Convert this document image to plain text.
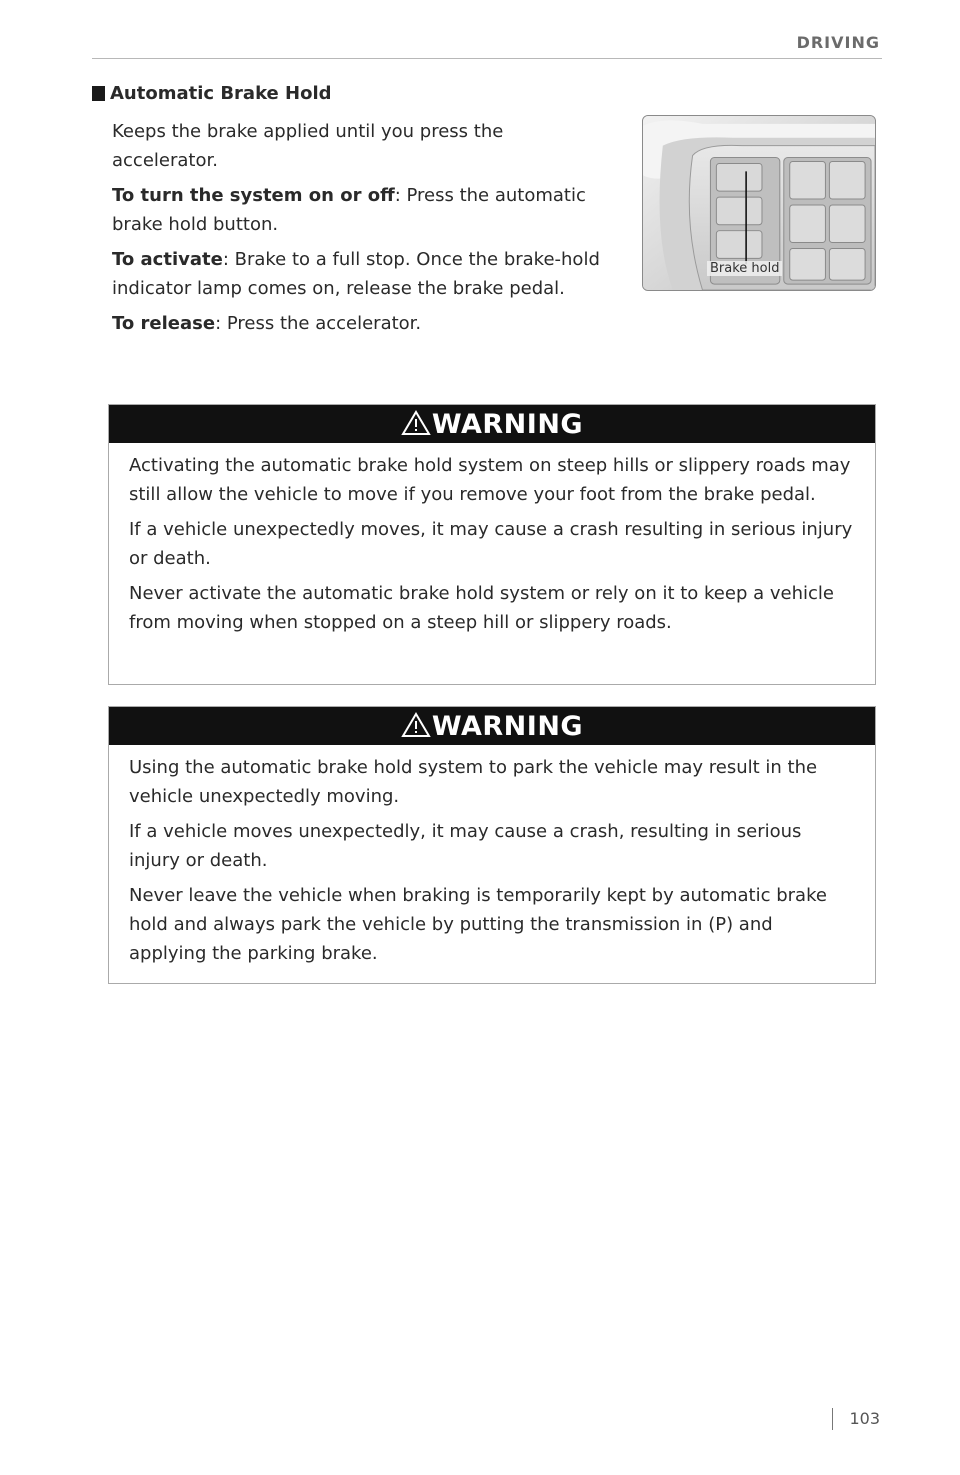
DRIVING
Automatic Brake Hold

Keeps the brake applied until you press the accelerator.

To turn the system on or off: Press the automatic brake hold button.

To activate: Brake to a full stop. Once the brake-hold indicator lamp comes on, release the brake pedal.

To release: Press the accelerator.

Brake hold
WARNING

Activating the automatic brake hold system on steep hills or slippery roads may still allow the vehicle to move if you remove your foot from the brake pedal.

If a vehicle unexpectedly moves, it may cause a crash resulting in serious injury or death.

Never activate the automatic brake hold system or rely on it to keep a vehicle from moving when stopped on a steep hill or slippery roads.

WARNING

Using the automatic brake hold system to park the vehicle may result in the vehicle unexpectedly moving.

If a vehicle moves unexpectedly, it may cause a crash, resulting in serious injury or death.

Never leave the vehicle when braking is temporarily kept by automatic brake hold and always park the vehicle by putting the transmission in (P) and applying the parking brake.

103
